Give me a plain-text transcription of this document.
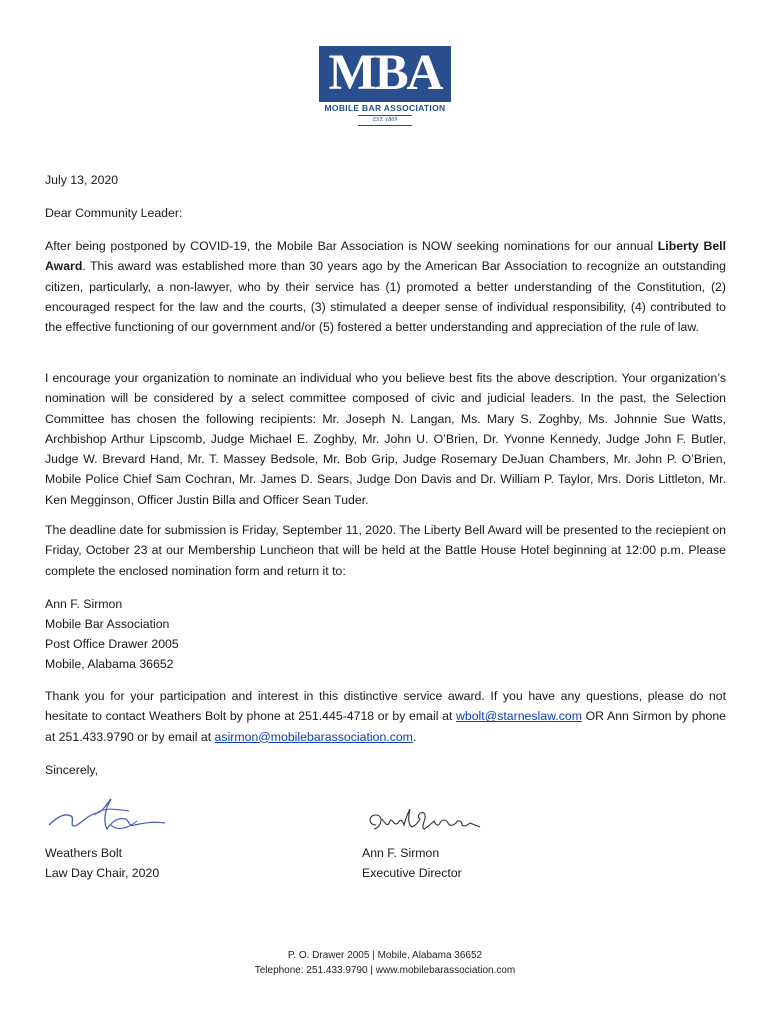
MBA
MOBILE BAR ASSOCIATION
EST. 1869
July 13, 2020
Dear Community Leader:

After being postponed by COVID-19, the Mobile Bar Association is NOW seeking nominations for our annual Liberty Bell Award. This award was established more than 30 years ago by the American Bar Association to recognize an outstanding citizen, particularly, a non-lawyer, who by their service has (1) promoted a better understanding of the Constitution, (2) encouraged respect for the law and the courts, (3) stimulated a deeper sense of individual responsibility, (4) contributed to the effective functioning of our government and/or (5) fostered a better understanding and appreciation of the rule of law.

I encourage your organization to nominate an individual who you believe best fits the above description. Your organization’s nomination will be considered by a select committee composed of civic and judicial leaders. In the past, the Selection Committee has chosen the following recipients: Mr. Joseph N. Langan, Ms. Mary S. Zoghby, Ms. Johnnie Sue Watts, Archbishop Arthur Lipscomb, Judge Michael E. Zoghby, Mr. John U. O’Brien, Dr. Yvonne Kennedy, Judge John F. Butler, Judge W. Brevard Hand, Mr. T. Massey Bedsole, Mr. Bob Grip, Judge Rosemary DeJuan Chambers, Mr. John P. O’Brien, Mobile Police Chief Sam Cochran, Mr. James D. Sears, Judge Don Davis and Dr. William P. Taylor, Mrs. Doris Littleton, Mr. Ken Megginson, Officer Justin Billa and Officer Sean Tuder.

The deadline date for submission is Friday, September 11, 2020. The Liberty Bell Award will be presented to the reciepient on Friday, October 23 at our Membership Luncheon that will be held at the Battle House Hotel beginning at 12:00 p.m. Please complete the enclosed nomination form and return it to:

Ann F. Sirmon
Mobile Bar Association
Post Office Drawer 2005
Mobile, Alabama 36652

Thank you for your participation and interest in this distinctive service award. If you have any questions, please do not hesitate to contact Weathers Bolt by phone at 251.445-4718 or by email at wbolt@starneslaw.com OR Ann Sirmon by phone at 251.433.9790 or by email at asirmon@mobilebarassociation.com.

Sincerely,
Weathers Bolt
Law Day Chair, 2020
Ann F. Sirmon
Executive Director
P. O. Drawer 2005 | Mobile, Alabama 36652
Telephone: 251.433.9790 | www.mobilebarassociation.com
